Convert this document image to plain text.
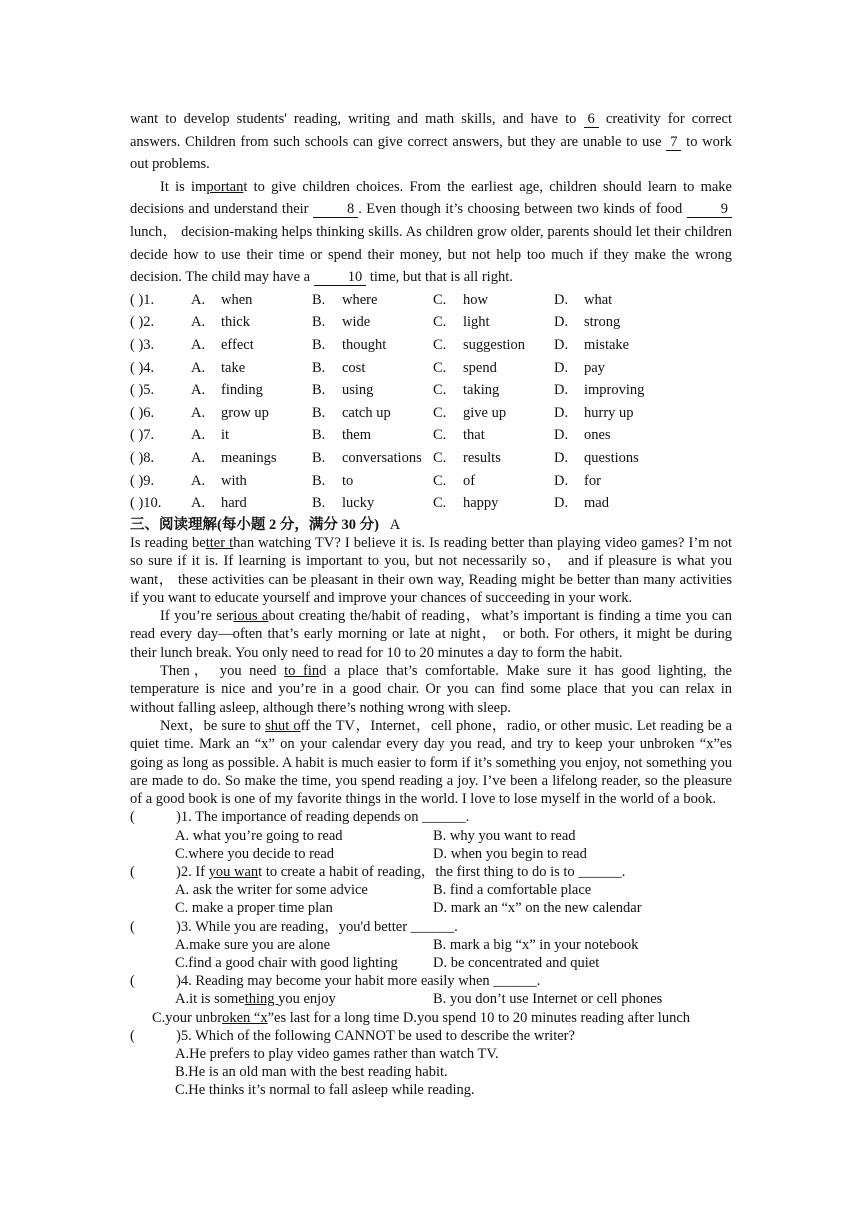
want to develop students' reading, writing and math skills, and have to 6 creativity for correct answers. Children from such schools can give correct answers, but they are unable to use 7 to work out problems.

It is important to give children choices. From the earliest age, children should learn to make decisions and understand their 8 . Even though it’s choosing between two kinds of food 9 lunch， decision-making helps thinking skills. As children grow older, parents should let their children decide how to use their time or spend their money, but not help too much if they make the wrong decision. The child may have a 10 time, but that is all right.

( )1.	A.	when	B.	where	C.	how	D.	what
( )2.	A.	thick	B.	wide	C.	light	D.	strong
( )3.	A.	effect	B.	thought	C.	suggestion	D.	mistake
( )4.	A.	take	B.	cost	C.	spend	D.	pay
( )5.	A.	finding	B.	using	C.	taking	D.	improving
( )6.	A.	grow up	B.	catch up	C.	give up	D.	hurry up
( )7.	A.	it	B.	them	C.	that	D.	ones
( )8.	A.	meanings	B.	conversations C.	results	D.	questions
( )9.	A.	with	B.	to	C.	of	D.	for
( )10.	A.	hard	B.	lucky	C.	happy	D.	mad
三、阅读理解(每小题 2 分，满分 30 分) A

Is reading better than watching TV? I believe it is. Is reading better than playing video games? I’m not so sure if it is. If learning is important to you, but not necessarily so， and if pleasure is what you want， these activities can be pleasant in their own way, Reading might be better than many activities if you want to educate yourself and improve your chances of succeeding in your work.

If you’re serious about creating the/habit of reading，what’s important is finding a time you can read every day—often that’s early morning or late at night， or both. For others, it might be during their lunch break. You only need to read for 10 to 20 minutes a day to form the habit.

Then， you need to find a place that’s comfortable. Make sure it has good lighting, the temperature is nice and you’re in a good chair. Or you can find some place that you can relax in without falling asleep, although there’s nothing wrong with sleep.

Next，be sure to shut off the TV，Internet，cell phone，radio, or other music. Let reading be a quiet time. Mark an “x” on your calendar every day you read, and try to keep your unbroken “x”es going as long as possible. A habit is much easier to form if it’s something you enjoy, not something you are made to do. So make the time, you spend reading a joy. I’ve been a lifelong reader, so the pleasure of a good book is one of my favorite things in the world. I love to lose myself in the world of a book.

(	)1. The importance of reading depends on ______.
A. what you’re going to read	B. why you want to read
C.where you decide to read	D. when you begin to read
(	)2. If you want to create a habit of reading，the first thing to do is to ______.
A. ask the writer for some advice	B. find a comfortable place
C. make a proper time plan	D. mark an “x” on the new calendar
(	)3. While you are reading，you'd better ______.
A.make sure you are alone	B. mark a big “x” in your notebook
C.find a good chair with good lighting	D. be concentrated and quiet
(	)4. Reading may become your habit more easily when ______.
A.it is something you enjoy	B. you don’t use Internet or cell phones
C.your unbroken “x”es last for a long time D.you spend 10 to 20 minutes reading after lunch
(	)5. Which of the following CANNOT be used to describe the writer?
A.He prefers to play video games rather than watch TV.
B.He is an old man with the best reading habit.
C.He thinks it’s normal to fall asleep while reading.
